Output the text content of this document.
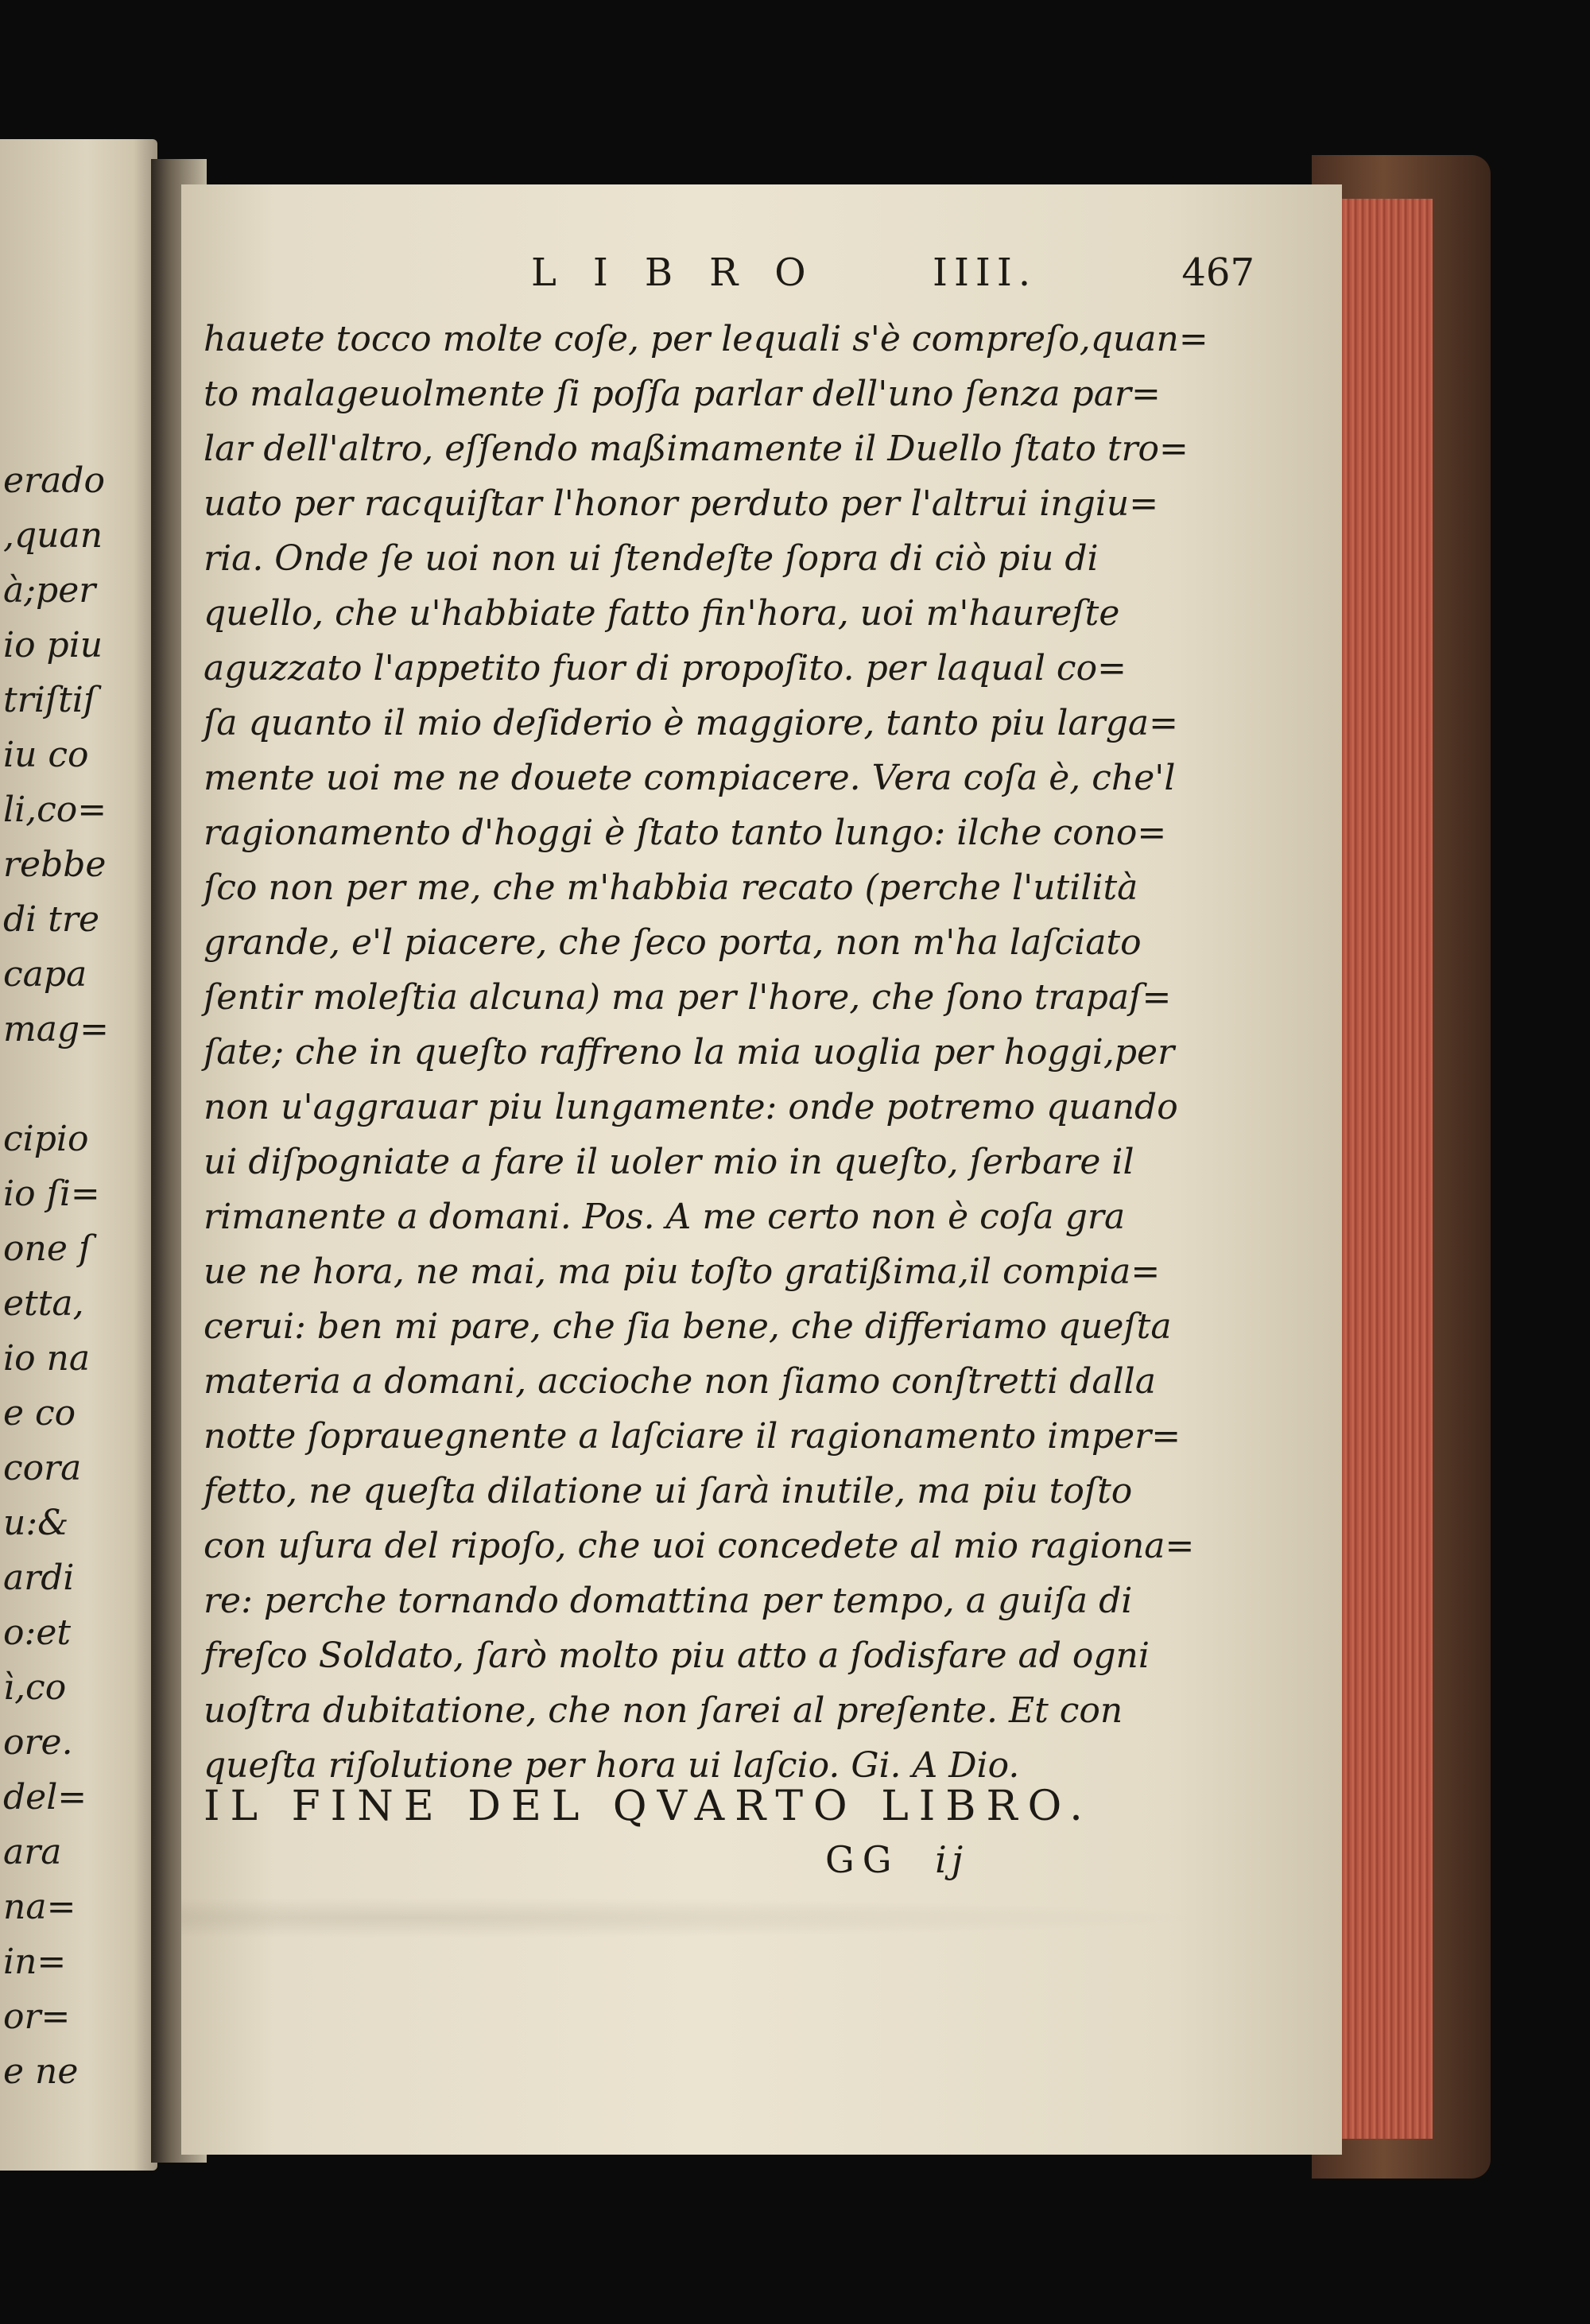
erado
,quan
à;per
io piu
triſtiſ
iu co
li,co=
rebbe
di tre
capa
mag=
cipio
io ſi=
one ſ
etta,
io na
e co
cora
u:&
ardi
o:et
ì,co
ore.
del=
ara
na=
in=
or=
e ne
LIBRO IIII.	467
hauete tocco molte coſe, per lequali s'è compreſo,quan=
to malageuolmente ſi poſſa parlar dell'uno ſenza par=
lar dell'altro, eſſendo maßimamente il Duello ſtato tro=
uato per racquiſtar l'honor perduto per l'altrui ingiu=
ria. Onde ſe uoi non ui ſtendeſte ſopra di ciò piu di
quello, che u'habbiate fatto fin'hora, uoi m'haureſte
aguzzato l'appetito fuor di propoſito. per laqual co=
ſa quanto il mio deſiderio è maggiore, tanto piu larga=
mente uoi me ne douete compiacere. Vera coſa è, che'l
ragionamento d'hoggi è ſtato tanto lungo: ilche cono=
ſco non per me, che m'habbia recato (perche l'utilità
grande, e'l piacere, che ſeco porta, non m'ha laſciato
ſentir moleſtia alcuna) ma per l'hore, che ſono trapaſ=
ſate; che in queſto raffreno la mia uoglia per hoggi,per
non u'aggrauar piu lungamente: onde potremo quando
ui diſpogniate a fare il uoler mio in queſto, ſerbare il
rimanente a domani. Pos. A me certo non è coſa gra
ue ne hora, ne mai, ma piu toſto gratißima,il compia=
cerui: ben mi pare, che ſia bene, che differiamo queſta
materia a domani, accioche non ſiamo conſtretti dalla
notte ſoprauegnente a laſciare il ragionamento imper=
fetto, ne queſta dilatione ui ſarà inutile, ma piu toſto
con uſura del ripoſo, che uoi concedete al mio ragiona=
re: perche tornando domattina per tempo, a guiſa di
freſco Soldato, ſarò molto piu atto a ſodisfare ad ogni
uoſtra dubitatione, che non ſarei al preſente. Et con
queſta riſolutione per hora ui laſcio. Gi. A Dio.
IL FINE DEL QVARTO LIBRO.
GG ij
